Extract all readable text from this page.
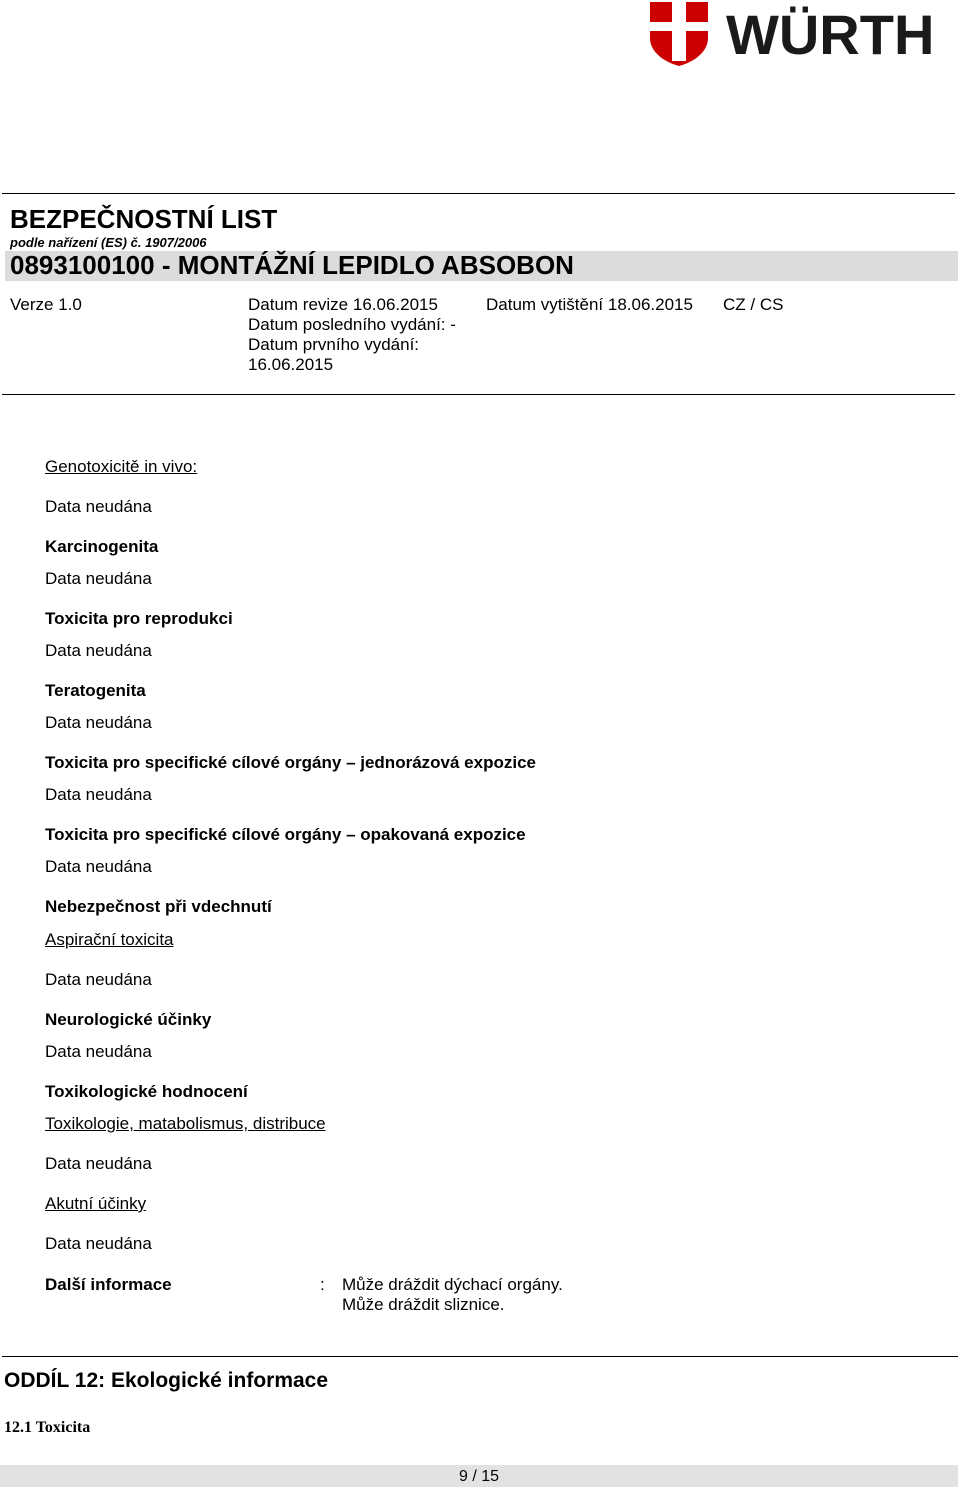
WÜRTH
BEZPEČNOSTNÍ LIST
podle nařízení (ES) č. 1907/2006
0893100100 - MONTÁŽNÍ LEPIDLO ABSOBON
Verze 1.0	Datum revize 16.06.2015
Datum posledního vydání: -
Datum prvního vydání:
16.06.2015
Datum vytištění 18.06.2015 CZ / CS
Genotoxicitě in vivo:
Data neudána
Karcinogenita
Data neudána
Toxicita pro reprodukci
Data neudána
Teratogenita
Data neudána
Toxicita pro specifické cílové orgány – jednorázová expozice
Data neudána
Toxicita pro specifické cílové orgány – opakovaná expozice
Data neudána
Nebezpečnost při vdechnutí
Aspirační toxicita
Data neudána
Neurologické účinky
Data neudána
Toxikologické hodnocení
Toxikologie, matabolismus, distribuce
Data neudána
Akutní účinky
Data neudána
Další informace	: Může dráždit dýchací orgány.
Může dráždit sliznice.
ODDÍL 12: Ekologické informace
12.1 Toxicita
9 / 15
